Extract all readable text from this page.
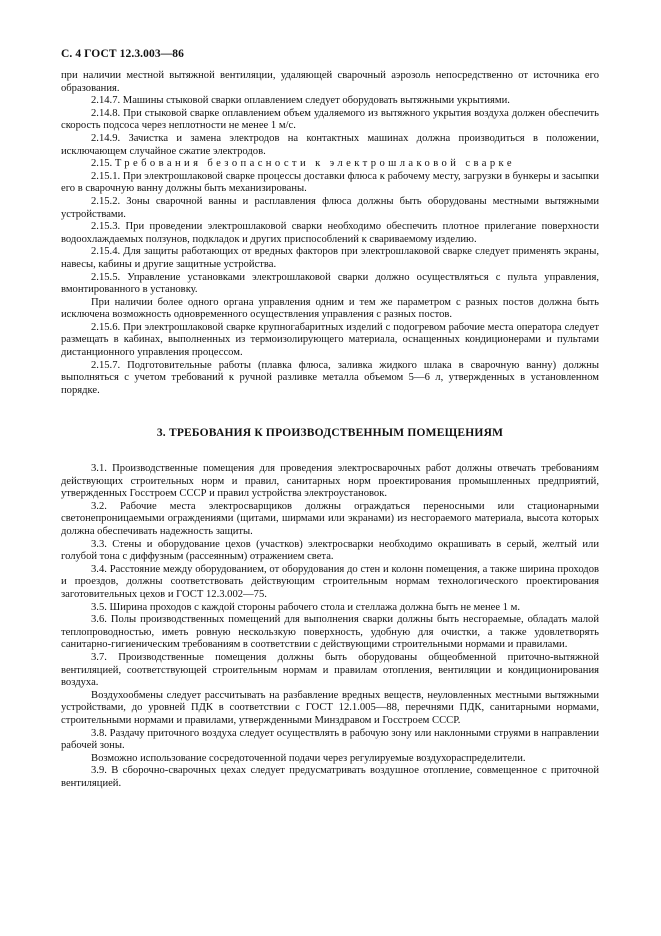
С. 4 ГОСТ 12.3.003—86

при наличии местной вытяжной вентиляции, удаляющей сварочный аэрозоль непосредственно от источника его образования.

2.14.7. Машины стыковой сварки оплавлением следует оборудовать вытяжными укрытиями.

2.14.8. При стыковой сварке оплавлением объем удаляемого из вытяжного укрытия воздуха должен обеспечить скорость подсоса через неплотности не менее 1 м/с.

2.14.9. Зачистка и замена электродов на контактных машинах должна производиться в положении, исключающем случайное сжатие электродов.

2.15. Требования безопасности к электрошлаковой сварке

2.15.1. При электрошлаковой сварке процессы доставки флюса к рабочему месту, загрузки в бункеры и засыпки его в сварочную ванну должны быть механизированы.

2.15.2. Зоны сварочной ванны и расплавления флюса должны быть оборудованы местными вытяжными устройствами.

2.15.3. При проведении электрошлаковой сварки необходимо обеспечить плотное прилегание поверхности водоохлаждаемых ползунов, подкладок и других приспособлений к свариваемому изделию.

2.15.4. Для защиты работающих от вредных факторов при электрошлаковой сварке следует применять экраны, навесы, кабины и другие защитные устройства.

2.15.5. Управление установками электрошлаковой сварки должно осуществляться с пульта управления, вмонтированного в установку.

При наличии более одного органа управления одним и тем же параметром с разных постов должна быть исключена возможность одновременного осуществления управления с разных постов.

2.15.6. При электрошлаковой сварке крупногабаритных изделий с подогревом рабочие места оператора следует размещать в кабинах, выполненных из термоизолирующего материала, оснащенных кондиционерами и пультами дистанционного управления процессом.

2.15.7. Подготовительные работы (плавка флюса, заливка жидкого шлака в сварочную ванну) должны выполняться с учетом требований к ручной разливке металла объемом 5—6 л, утвержденных в установленном порядке.

3. ТРЕБОВАНИЯ К ПРОИЗВОДСТВЕННЫМ ПОМЕЩЕНИЯМ

3.1. Производственные помещения для проведения электросварочных работ должны отвечать требованиям действующих строительных норм и правил, санитарных норм проектирования промышленных предприятий, утвержденных Госстроем СССР и правил устройства электроустановок.

3.2. Рабочие места электросварщиков должны ограждаться переносными или стационарными светонепроницаемыми ограждениями (щитами, ширмами или экранами) из несгораемого материала, высота которых должна обеспечивать надежность защиты.

3.3. Стены и оборудование цехов (участков) электросварки необходимо окрашивать в серый, желтый или голубой тона с диффузным (рассеянным) отражением света.

3.4. Расстояние между оборудованием, от оборудования до стен и колонн помещения, а также ширина проходов и проездов, должны соответствовать действующим строительным нормам технологического проектирования заготовительных цехов и ГОСТ 12.3.002—75.

3.5. Ширина проходов с каждой стороны рабочего стола и стеллажа должна быть не менее 1 м.

3.6. Полы производственных помещений для выполнения сварки должны быть несгораемые, обладать малой теплопроводностью, иметь ровную нескользкую поверхность, удобную для очистки, а также удовлетворять санитарно-гигиеническим требованиям в соответствии с действующими строительными нормами и правилами.

3.7. Производственные помещения должны быть оборудованы общеобменной приточно-вытяжной вентиляцией, соответствующей строительным нормам и правилам отопления, вентиляции и кондиционирования воздуха.

Воздухообмены следует рассчитывать на разбавление вредных веществ, неуловленных местными вытяжными устройствами, до уровней ПДК в соответствии с ГОСТ 12.1.005—88, перечнями ПДК, санитарными нормами, строительными нормами и правилами, утвержденными Минздравом и Госстроем СССР.

3.8. Раздачу приточного воздуха следует осуществлять в рабочую зону или наклонными струями в направлении рабочей зоны.

Возможно использование сосредоточенной подачи через регулируемые воздухораспределители.

3.9. В сборочно-сварочных цехах следует предусматривать воздушное отопление, совмещенное с приточной вентиляцией.
